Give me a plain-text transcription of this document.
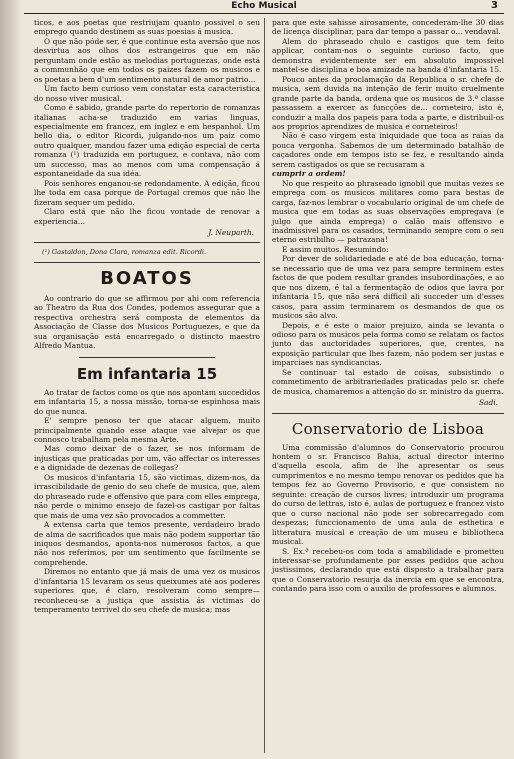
Echo Musical	3

ticos, e aos poetas que restriujam quanto possivel o seu emprego quando destinem as suas poesias á musica.

O que não póde ser, é que continue esta aversão que nos desvirtua aos olhos dos estrangeiros que em não perguntam onde estão as melodias portuguezas, onde está a communhão que em todos os paizes fazem os musicos e os poetas a bem d'um sentimento natural de amor patrio...

Um facto bem curioso vem constatar esta caracteristica do nosso viver musical.

Como é sabido, grande parte do repertorio de romanzas italianas acha-se traduzido em varias linguas, especialmente em francez, em inglez e em hespanhol. Um bello dia, o editor Ricordi, julgando-nos um paiz como outro qualquer, mandou fazer uma edição especial de certa romanza (¹) traduzida em portuguez, e contava, não com um successo, mas ao menos com uma compensação á espontaneidade da sua idéa.

Pois senhores enganou-se redondamente. A edição, ficou lhe toda em casa porque de Portugal cremos que não lhe fizeram sequer um pedido.

Claro está que não lhe ficou vontade de renovar a experiencia...

J. Neuparth.
(¹) Gastaldon, Dona Clara, romanza edit. Ricordi.
BOATOS

Ao contrario do que se affirmou por ahi com referencia ao Theatro da Rua dos Condes, podemos assegurar que a respectiva orchestra será composta de elementos da Associação de Classe dos Musicos Portuguezes, e que da sua organisação está encarregado o distincto maestro Alfredo Mantua.

Em infantaria 15

Ao tratar de factos como os que nos apontam succedidos em infantaria 15, a nossa missão, torna-se espinhosa mais do que nunca.

E' sempre penoso ter que atacar alguem, muito principalmente quando esse ataque vae alvejar os que connosco trabalham pela mesma Arte.

Mas como deixar de o fazer, se nos informam de injustiças que praticadas por um, vão affectar os interesses e a dignidade de dezenas de collegas?

Os musicos d'infantaria 15, são victimas, dizem-nos, da irrascibilidade de genio do seu chefe de musica, que, alem do phraseado rude e offensivo que para com elles emprega, não perde o minimo ensejo de fazel-os castigar por faltas que mais de uma vez são provocados a commetter.

A extensa carta que temos presente, verdadeiro brado de alma de sacrificados que mais não podem supportar tão iniquos desmandos, aponta-nos numerosos factos, a que não nos referimos, por um sentimento que facilmente se comprehende.

Diremos no entanto que já mais de uma vez os musicos d'infantaria 15 levaram os seus queixumes até aos poderes superiores que, é claro, resolveram como sempre—reconheceu-se a justiça que assistia ás victimas do temperamento terrivel do seu chefe de musica; mas

para que este sahisse airosamente, concederam-lhe 30 dias de licença disciplinar, para dar tempo a passar o... vendaval.

Alem do phraseado chulo e castigos que tem feito applicar, contam-nos o seguinte curioso facto, que demonstra evidentemente ser em absoluto impossivel mantel-se disciplina e boa amizade na banda d'infantaria 15.

Pouco antes da proclamação da Republica o sr. chefe de musica, sem duvida na intenção de ferir muito cruelmente grande parte da banda, ordena que os musicos de 3.ª classe passassem a exercer as funcções de... corneteiro, isto é, conduzir a malla dos papeis para toda a parte, e distribuil-os aos proprios aprendizes de musica e corneteiros!

Não é caso virgem esta iniquidade que toca as raias da pouca vergonha. Sabemos de um determinado batalhão de caçadores onde em tempos isto se fez, e resultando ainda serem castigados os que se recusaram a

cumprir a ordem!

No que respeito ao phraseado ignobil que muitas vezes se emprega com os musicos militares como para bestas de carga, faz-nos lembrar o vocabulario original de um chefe de musica que em todas as suas observações empregava (e julgo que ainda emprega) o calão mais offensivo e inadmissivel para os casados, terminando sempre com o seu eterno estribilho — patrazana!

E assim muitos. Resumindo:

Por dever de solidariedade e até de boa educação, torna-se necessario que de uma vez para sempre terminem estes factos de que podem resultar grandes insubordinações, e ao que nos dizem, é tal a fermentação de odios que lavra por infantaria 15, que não será difficil ali succeder um d'esses casos, para assim terminarem os desmandos de que os musicos são alvo.

Depois, e é este o maior prejuizo, ainda se levanta o odioso para os musicos pela forma como se relatam os factos junto das auctoridades superiores, que, crentes, na exposição particular que lhes fazem, não podem ser justas e imparciaes nas syndicancias.

Se continuar tal estado de coisas, subsistindo o commetimento de arbitrariedades praticadas pelo sr. chefe de musica, chamaremos a attenção do sr. ministro da guerra.

Sadi.
Conservatorio de Lisboa

Uma commissão d'alumnos do Conservatorio procurou hontem o sr. Francisco Bahia, actual director interino d'aquella escola, afim de lhe apresentar os seus cumprimentos e no mesmo tempo renovar os pedidos que ha tempos fez ao Governo Provisorio, e que consistem no seguinte: creação de cursos livres; introduzir um programa do curso de lettras, isto é, aulas de portuguez e francez visto que o curso nacional não pode ser sobrecarregado com despezas; funccionamento de uma aula de esthetica e litteratura musical e creação de um museu e bibliotheca musical.

S. Ex.ª recebeu-os com toda a amabilidade e prometteu interessar-se profundamente por esses pedidos que achou justissimos, declarando que está disposto a trabalhar para que o Conservatorio resurja da inercia em que se encontra, contando para isso com o auxilio de professores e alumnos.
